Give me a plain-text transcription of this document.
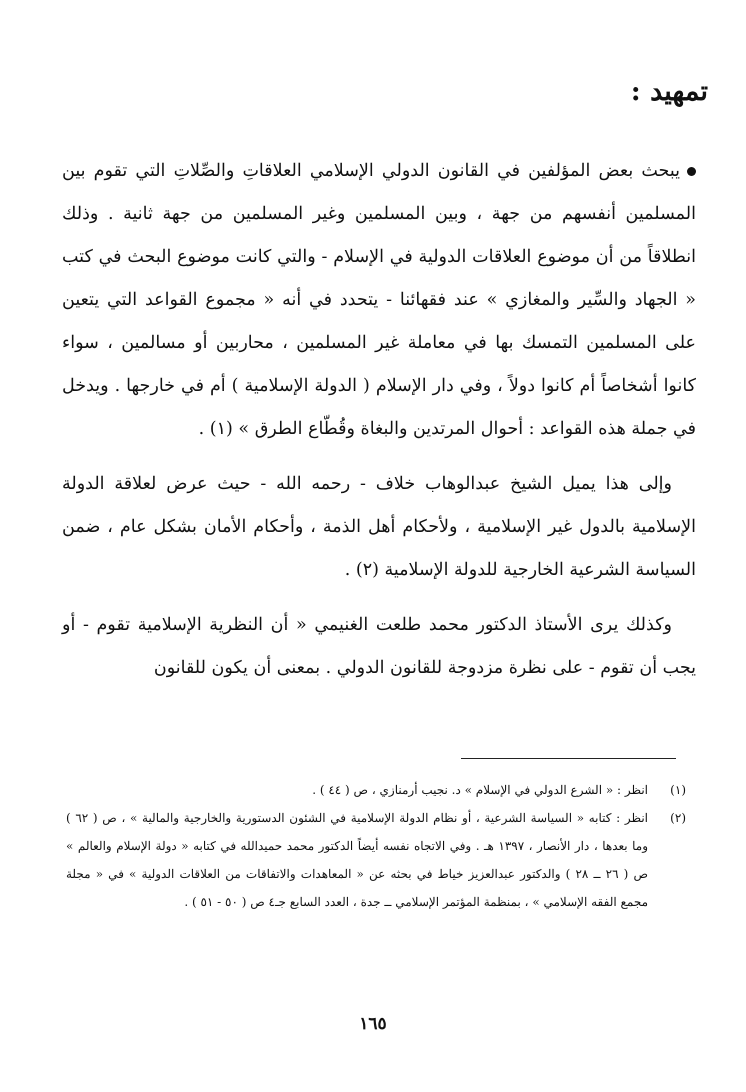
تمهيد :

يبحث بعض المؤلفين في القانون الدولي الإسلامي العلاقاتِ والصِّلاتِ التي تقوم بين المسلمين أنفسهم من جهة ، وبين المسلمين وغير المسلمين من جهة ثانية . وذلك انطلاقاً من أن موضوع العلاقات الدولية في الإسلام - والتي كانت موضوع البحث في كتب « الجهاد والسِّير والمغازي » عند فقهائنا - يتحدد في أنه « مجموع القواعد التي يتعين على المسلمين التمسك بها في معاملة غير المسلمين ، محاربين أو مسالمين ، سواء كانوا أشخاصاً أم كانوا دولاً ، وفي دار الإسلام ( الدولة الإسلامية ) أم في خارجها . ويدخل في جملة هذه القواعد : أحوال المرتدين والبغاة وقُطّاع الطرق » (١) .

وإلى هذا يميل الشيخ عبدالوهاب خلاف - رحمه الله - حيث عرض لعلاقة الدولة الإسلامية بالدول غير الإسلامية ، ولأحكام أهل الذمة ، وأحكام الأمان بشكل عام ، ضمن السياسة الشرعية الخارجية للدولة الإسلامية (٢) .

وكذلك يرى الأستاذ الدكتور محمد طلعت الغنيمي « أن النظرية الإسلامية تقوم - أو يجب أن تقوم - على نظرة مزدوجة للقانون الدولي . بمعنى أن يكون للقانون

(١)
انظر : « الشرع الدولي في الإسلام » د. نجيب أرمنازي ، ص ( ٤٤ ) .
(٢)
انظر : كتابه « السياسة الشرعية ، أو نظام الدولة الإسلامية في الشئون الدستورية والخارجية والمالية » ، ص ( ٦٢ ) وما بعدها ، دار الأنصار ، ١٣٩٧ هـ . وفي الاتجاه نفسه أيضاً الدكتور محمد حميدالله في كتابه « دولة الإسلام والعالم » ص ( ٢٦ ــ ٢٨ ) والدكتور عبدالعزيز خياط في بحثه عن « المعاهدات والاتفاقات من العلاقات الدولية » في « مجلة مجمع الفقه الإسلامي » ، بمنظمة المؤتمر الإسلامي ــ جدة ، العدد السابع جـ٤ ص ( ٥٠ - ٥١ ) .
١٦٥
